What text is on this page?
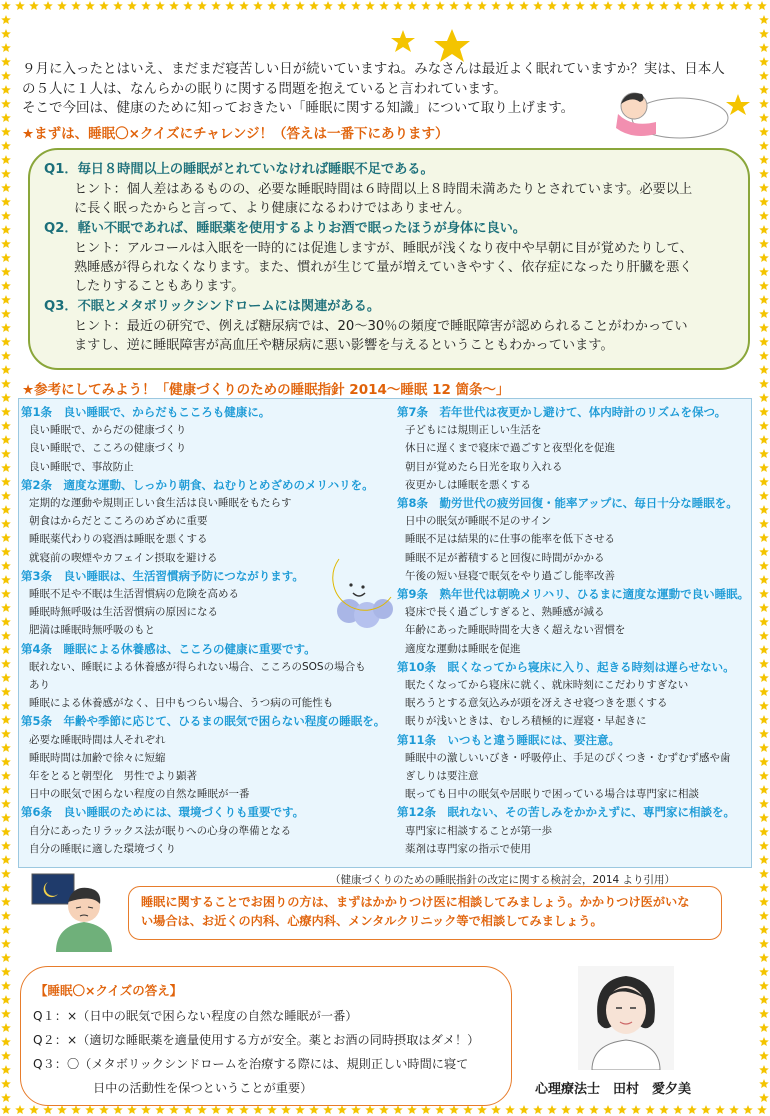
９月に入ったとはいえ、まだまだ寝苦しい日が続いていますね。みなさんは最近よく眠れていますか？実は、日本人
の５人に１人は、なんらかの眠りに関する問題を抱えていると言われています。
そこで今回は、健康のために知っておきたい「睡眠に関する知識」について取り上げます。
★まずは、睡眠〇×クイズにチャレンジ！（答えは一番下にあります）
Q1．毎日８時間以上の睡眠がとれていなければ睡眠不足である。
ヒント：個人差はあるものの、必要な睡眠時間は６時間以上８時間未満あたりとされています。必要以上
に長く眠ったからと言って、より健康になるわけではありません。
Q2．軽い不眠であれば、睡眠薬を使用するよりお酒で眠ったほうが身体に良い。
ヒント：アルコールは入眠を一時的には促進しますが、睡眠が浅くなり夜中や早朝に目が覚めたりして、
熟睡感が得られなくなります。また、慣れが生じて量が増えていきやすく、依存症になったり肝臓を悪く
したりすることもあります。
Q3．不眠とメタボリックシンドロームには関連がある。
ヒント：最近の研究で、例えば糖尿病では、20～30％の頻度で睡眠障害が認められることがわかってい
ますし、逆に睡眠障害が高血圧や糖尿病に悪い影響を与えるということもわかっています。
★参考にしてみよう！「健康づくりのための睡眠指針 2014～睡眠 12 箇条～」
第1条　良い睡眠で、からだもこころも健康に。
良い睡眠で、からだの健康づくり
良い睡眠で、こころの健康づくり
良い睡眠で、事故防止
第2条　適度な運動、しっかり朝食、ねむりとめざめのメリハリを。
定期的な運動や規則正しい食生活は良い睡眠をもたらす
朝食はからだとこころのめざめに重要
睡眠薬代わりの寝酒は睡眠を悪くする
就寝前の喫煙やカフェイン摂取を避ける
第3条　良い睡眠は、生活習慣病予防につながります。
睡眠不足や不眠は生活習慣病の危険を高める
睡眠時無呼吸は生活習慣病の原因になる
肥満は睡眠時無呼吸のもと
第4条　睡眠による休養感は、こころの健康に重要です。
眠れない、睡眠による休養感が得られない場合、こころのSOSの場合も
あり
睡眠による休養感がなく、日中もつらい場合、うつ病の可能性も
第5条　年齢や季節に応じて、ひるまの眠気で困らない程度の睡眠を。
必要な睡眠時間は人それぞれ
睡眠時間は加齢で徐々に短縮
年をとると朝型化　男性でより顕著
日中の眠気で困らない程度の自然な睡眠が一番
第6条　良い睡眠のためには、環境づくりも重要です。
自分にあったリラックス法が眠りへの心身の準備となる
自分の睡眠に適した環境づくり
第7条　若年世代は夜更かし避けて、体内時計のリズムを保つ。
子どもには規則正しい生活を
休日に遅くまで寝床で過ごすと夜型化を促進
朝目が覚めたら日光を取り入れる
夜更かしは睡眠を悪くする
第8条　勤労世代の疲労回復・能率アップに、毎日十分な睡眠を。
日中の眠気が睡眠不足のサイン
睡眠不足は結果的に仕事の能率を低下させる
睡眠不足が蓄積すると回復に時間がかかる
午後の短い昼寝で眠気をやり過ごし能率改善
第9条　熟年世代は朝晩メリハリ、ひるまに適度な運動で良い睡眠。
寝床で長く過ごしすぎると、熟睡感が減る
年齢にあった睡眠時間を大きく超えない習慣を
適度な運動は睡眠を促進
第10条　眠くなってから寝床に入り、起きる時刻は遅らせない。
眠たくなってから寝床に就く、就床時刻にこだわりすぎない
眠ろうとする意気込みが頭を冴えさせ寝つきを悪くする
眠りが浅いときは、むしろ積極的に遅寝・早起きに
第11条　いつもと違う睡眠には、要注意。
睡眠中の激しいいびき・呼吸停止、手足のぴくつき・むずむず感や歯
ぎしりは要注意
眠っても日中の眠気や居眠りで困っている場合は専門家に相談
第12条　眠れない、その苦しみをかかえずに、専門家に相談を。
専門家に相談することが第一歩
薬剤は専門家の指示で使用
（健康づくりのための睡眠指針の改定に関する検討会，2014 より引用）
睡眠に関することでお困りの方は、まずはかかりつけ医に相談してみましょう。かかりつけ医がいな
い場合は、お近くの内科、心療内科、メンタルクリニック等で相談してみましょう。
【睡眠〇×クイズの答え】
Q１：×（日中の眠気で困らない程度の自然な睡眠が一番）
Q２：×（適切な睡眠薬を適量使用する方が安全。薬とお酒の同時摂取はダメ！）
Q３：〇（メタボリックシンドロームを治療する際には、規則正しい時間に寝て
日中の活動性を保つということが重要）	心理療法士　田村　愛夕美
